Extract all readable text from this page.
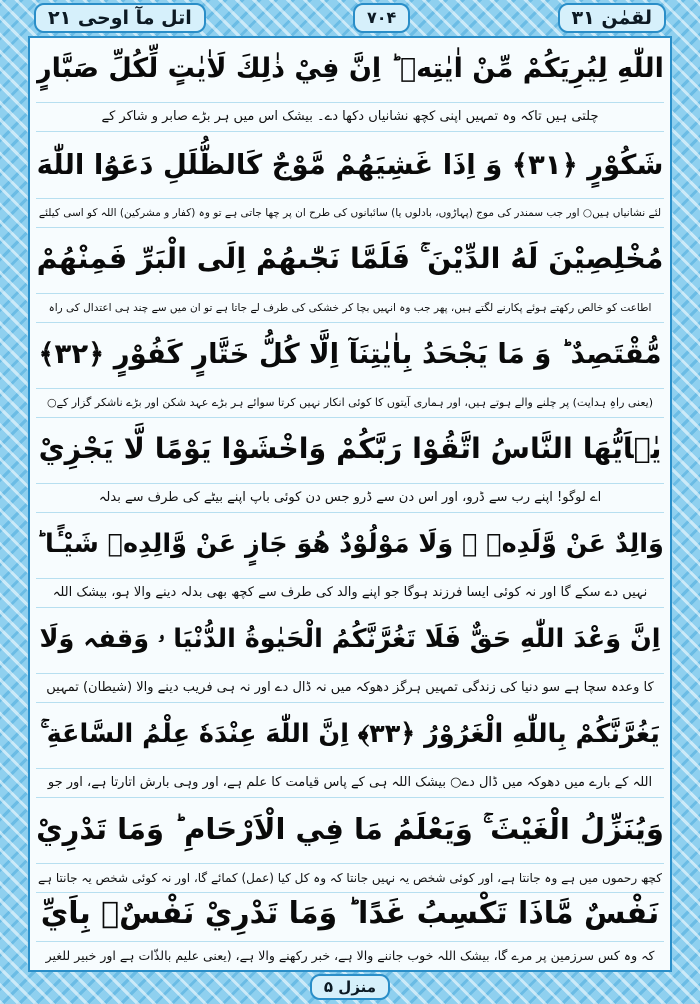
اتل مآ اوحی ۲۱	۷۰۴	لقمٰن ۳۱
اللّٰهِ لِيُرِيَكُمْ مِّنْ اٰيٰتِهٖ ؕ اِنَّ فِيْ ذٰلِكَ لَاٰيٰتٍ لِّكُلِّ صَبَّارٍ
چلتی ہیں تاکہ وہ تمہیں اپنی کچھ نشانیاں دکھا دے۔ بیشک اس میں ہر بڑے صابر و شاکر کے
شَكُوْرٍ ﴿۳۱﴾ وَ اِذَا غَشِيَهُمْ مَّوْجٌ كَالظُّلَلِ دَعَوُا اللّٰهَ
لئے نشانیاں ہیں○ اور جب سمندر کی موج (پہاڑوں، بادلوں یا) سائبانوں کی طرح ان پر چھا جاتی ہے تو وہ (کفار و مشرکین) اللہ کو اسی کیلئے
مُخْلِصِيْنَ لَهُ الدِّيْنَ ۚ فَلَمَّا نَجّٰىهُمْ اِلَى الْبَرِّ فَمِنْهُمْ
اطاعت کو خالص رکھتے ہوئے پکارنے لگتے ہیں، پھر جب وہ انہیں بچا کر خشکی کی طرف لے جاتا ہے تو ان میں سے چند ہی اعتدال کی راہ
مُّقْتَصِدٌ ؕ وَ مَا يَجْحَدُ بِاٰيٰتِنَآ اِلَّا كُلُّ خَتَّارٍ كَفُوْرٍ ﴿۳۲﴾
(یعنی راہِ ہدایت) پر چلنے والے ہوتے ہیں، اور ہماری آیتوں کا کوئی انکار نہیں کرتا سوائے ہر بڑے عہد شکن اور بڑے ناشکر گزار کے○
يٰۤاَيُّهَا النَّاسُ اتَّقُوْا رَبَّكُمْ وَاخْشَوْا يَوْمًا لَّا يَجْزِيْ
اے لوگو! اپنے رب سے ڈرو، اور اس دن سے ڈرو جس دن کوئی باپ اپنے بیٹے کی طرف سے بدلہ
وَالِدٌ عَنْ وَّلَدِهٖ ۫ وَلَا مَوْلُوْدٌ هُوَ جَازٍ عَنْ وَّالِدِهٖ شَيْـًٔا ؕ
نہیں دے سکے گا اور نہ کوئی ایسا فرزند ہوگا جو اپنے والد کی طرف سے کچھ بھی بدلہ دینے والا ہو، بیشک اللہ
اِنَّ وَعْدَ اللّٰهِ حَقٌّ فَلَا تَغُرَّنَّكُمُ الْحَيٰوةُ الدُّنْيَا ۥ وَقفہ وَلَا
کا وعدہ سچا ہے سو دنیا کی زندگی تمہیں ہرگز دھوکہ میں نہ ڈال دے اور نہ ہی فریب دینے والا (شیطان) تمہیں
يَغُرَّنَّكُمْ بِاللّٰهِ الْغَرُوْرُ ﴿۳۳﴾ اِنَّ اللّٰهَ عِنْدَهٗ عِلْمُ السَّاعَةِ ۚ
اللہ کے بارے میں دھوکہ میں ڈال دے○ بیشک اللہ ہی کے پاس قیامت کا علم ہے، اور وہی بارش اتارتا ہے، اور جو
وَيُنَزِّلُ الْغَيْثَ ۚ وَيَعْلَمُ مَا فِي الْاَرْحَامِ ؕ وَمَا تَدْرِيْ
کچھ رحموں میں ہے وہ جانتا ہے، اور کوئی شخص یہ نہیں جانتا کہ وہ کل کیا (عمل) کمائے گا، اور نہ کوئی شخص یہ جانتا ہے
نَفْسٌ مَّاذَا تَكْسِبُ غَدًا ؕ وَمَا تَدْرِيْ نَفْسٌۢ بِاَيِّ
کہ وہ کس سرزمین پر مرے گا، بیشک اللہ خوب جاننے والا ہے، خبر رکھنے والا ہے، (یعنی علیم بالذّات ہے اور خبیر للغیر
منزل ۵
